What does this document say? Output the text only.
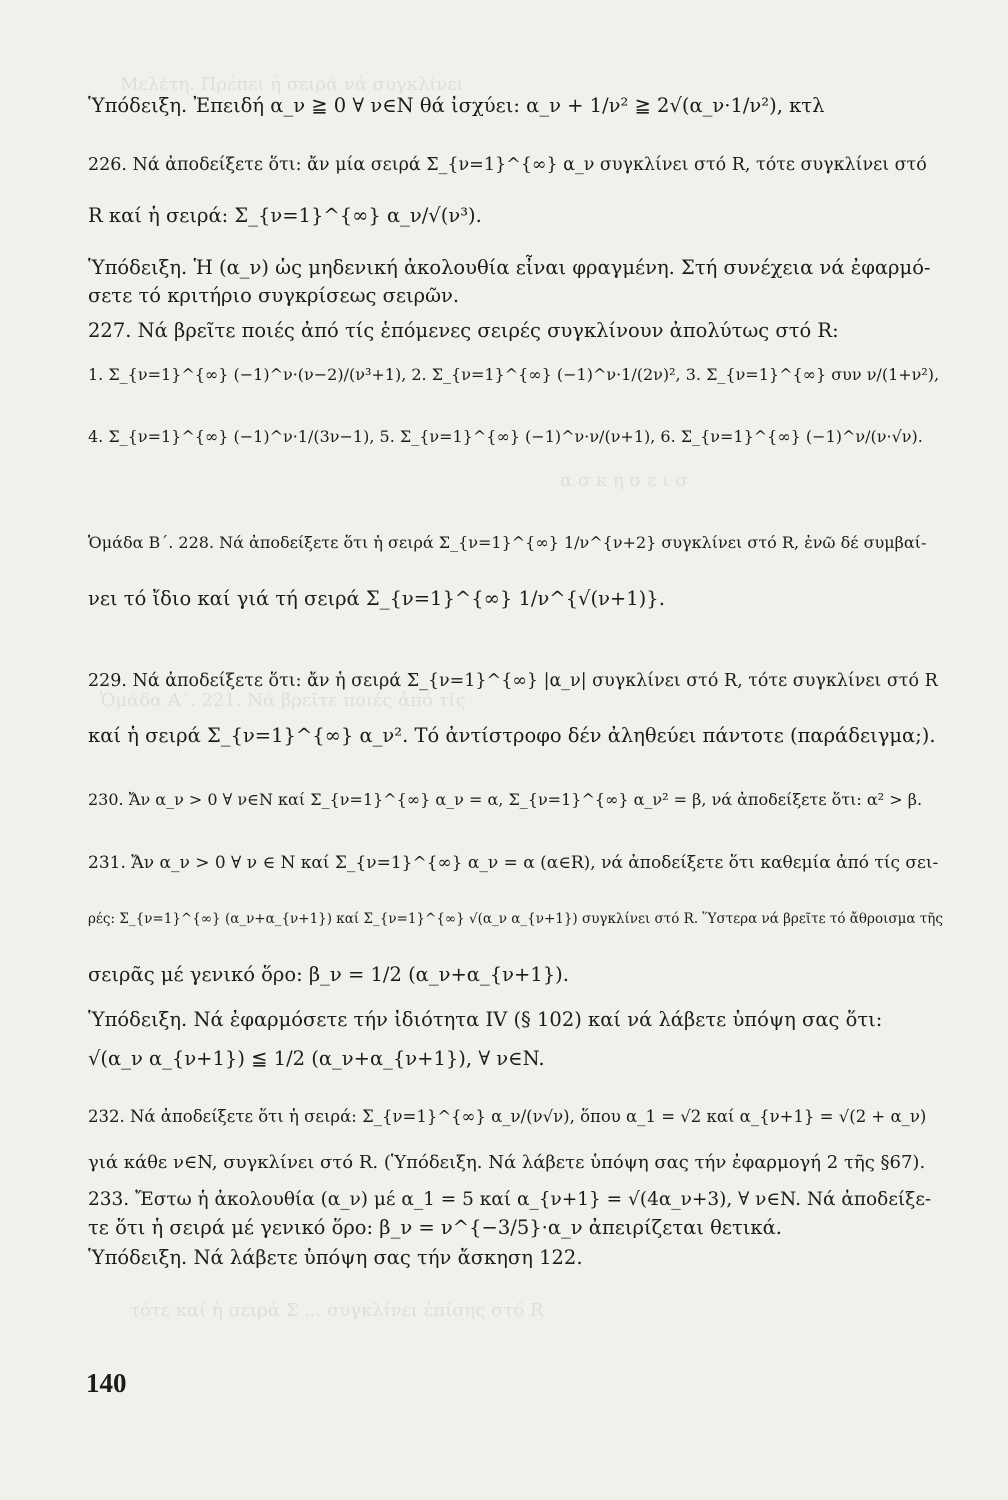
Μελέτη. Πρέπει ή σειρά νά συγκλίνει
α σ κ η σ ε ι σ
Ὁμάδα Α΄. 221. Νά βρεῖτε ποιές ἀπό τίς
τότε καί ἡ σειρά Σ ... συγκλίνει ἐπίσης στό R
Ὑπόδειξη. Ἐπειδή α_ν ≧ 0 ∀ ν∈N θά ἰσχύει: α_ν + 1/ν² ≧ 2√(α_ν·1/ν²), κτλ
226. Νά ἀποδείξετε ὅτι: ἄν μία σειρά Σ_{ν=1}^{∞} α_ν συγκλίνει στό R, τότε συγκλίνει στό
R καί ἡ σειρά: Σ_{ν=1}^{∞} α_ν/√(ν³).
Ὑπόδειξη. Ἡ (α_ν) ὡς μηδενική ἀκολουθία εἶναι φραγμένη. Στή συνέχεια νά ἐφαρμό-
σετε τό κριτήριο συγκρίσεως σειρῶν.
227. Νά βρεῖτε ποιές ἀπό τίς ἑπόμενες σειρές συγκλίνουν ἀπολύτως στό R:
1. Σ_{ν=1}^{∞} (−1)^ν·(ν−2)/(ν³+1), 2. Σ_{ν=1}^{∞} (−1)^ν·1/(2ν)², 3. Σ_{ν=1}^{∞} συν ν/(1+ν²),
4. Σ_{ν=1}^{∞} (−1)^ν·1/(3ν−1), 5. Σ_{ν=1}^{∞} (−1)^ν·ν/(ν+1), 6. Σ_{ν=1}^{∞} (−1)^ν/(ν·√ν).
Ὁμάδα Β΄. 228. Νά ἀποδείξετε ὅτι ἡ σειρά Σ_{ν=1}^{∞} 1/ν^{ν+2} συγκλίνει στό R, ἐνῶ δέ συμβαί-
νει τό ἴδιο καί γιά τή σειρά Σ_{ν=1}^{∞} 1/ν^{√(ν+1)}.
229. Νά ἀποδείξετε ὅτι: ἄν ἡ σειρά Σ_{ν=1}^{∞} |α_ν| συγκλίνει στό R, τότε συγκλίνει στό R
καί ἡ σειρά Σ_{ν=1}^{∞} α_ν². Τό ἀντίστροφο δέν ἀληθεύει πάντοτε (παράδειγμα;).
230. Ἄν α_ν > 0 ∀ ν∈N καί Σ_{ν=1}^{∞} α_ν = α, Σ_{ν=1}^{∞} α_ν² = β, νά ἀποδείξετε ὅτι: α² > β.
231. Ἄν α_ν > 0 ∀ ν ∈ N καί Σ_{ν=1}^{∞} α_ν = α (α∈R), νά ἀποδείξετε ὅτι καθεμία ἀπό τίς σει-
ρές: Σ_{ν=1}^{∞} (α_ν+α_{ν+1}) καί Σ_{ν=1}^{∞} √(α_ν α_{ν+1}) συγκλίνει στό R. Ὕστερα νά βρεῖτε τό ἄθροισμα τῆς
σειρᾶς μέ γενικό ὅρο: β_ν = 1/2 (α_ν+α_{ν+1}).
Ὑπόδειξη. Νά ἐφαρμόσετε τήν ἰδιότητα IV (§ 102) καί νά λάβετε ὑπόψη σας ὅτι:
√(α_ν α_{ν+1}) ≦ 1/2 (α_ν+α_{ν+1}), ∀ ν∈N.
232. Νά ἀποδείξετε ὅτι ἡ σειρά: Σ_{ν=1}^{∞} α_ν/(ν√ν), ὅπου α_1 = √2 καί α_{ν+1} = √(2 + α_ν)
γιά κάθε ν∈N, συγκλίνει στό R. (Ὑπόδειξη. Νά λάβετε ὑπόψη σας τήν ἐφαρμογή 2 τῆς §67).
233. Ἔστω ἡ ἀκολουθία (α_ν) μέ α_1 = 5 καί α_{ν+1} = √(4α_ν+3), ∀ ν∈N. Νά ἀποδείξε-
τε ὅτι ἡ σειρά μέ γενικό ὅρο: β_ν = ν^{−3/5}·α_ν ἀπειρίζεται θετικά.
Ὑπόδειξη. Νά λάβετε ὑπόψη σας τήν ἄσκηση 122.
140
